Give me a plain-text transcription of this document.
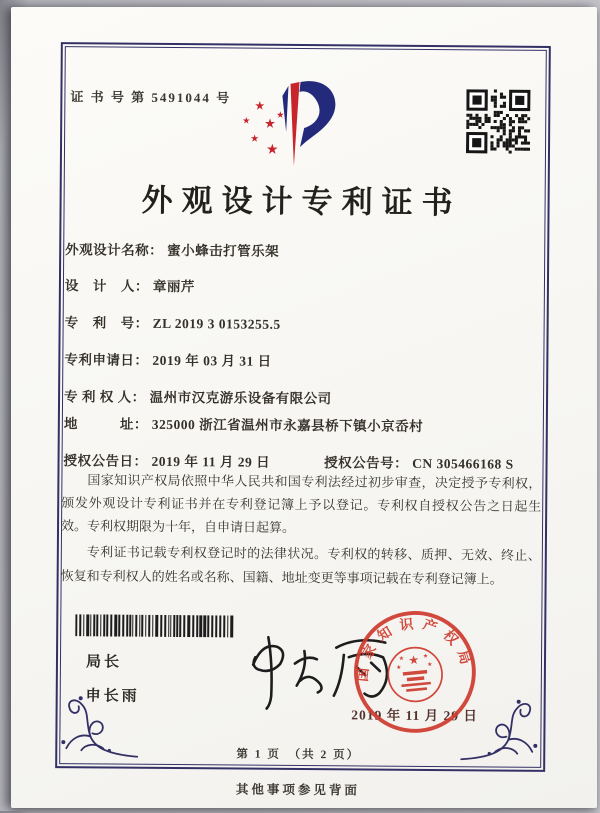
证 书 号 第 5491044 号
★
★ ★
★
★
★
外观设计专利证书
外观设计名称： 蜜小蜂击打管乐架
设　计　人： 章丽芹
专　利　号： ZL 2019 3 0153255.5
专利申请日： 2019 年 03 月 31 日
专 利 权 人： 温州市汉克游乐设备有限公司
地　　　址： 325000 浙江省温州市永嘉县桥下镇小京岙村
授权公告日： 2019 年 11 月 29 日	授权公告号： CN 305466168 S

国家知识产权局依照中华人民共和国专利法经过初步审查，决定授予专利权，颁发外观设计专利证书并在专利登记簿上予以登记。专利权自授权公告之日起生效。专利权期限为十年，自申请日起算。

专利证书记载专利权登记时的法律状况。专利权的转移、质押、无效、终止、恢复和专利权人的姓名或名称、国籍、地址变更等事项记载在专利登记簿上。

局长
申长雨
2019 年 11 月 29 日
国家知识产权局
★
★	★
★	★
第 1 页　（共 2 页）
其他事项参见背面
